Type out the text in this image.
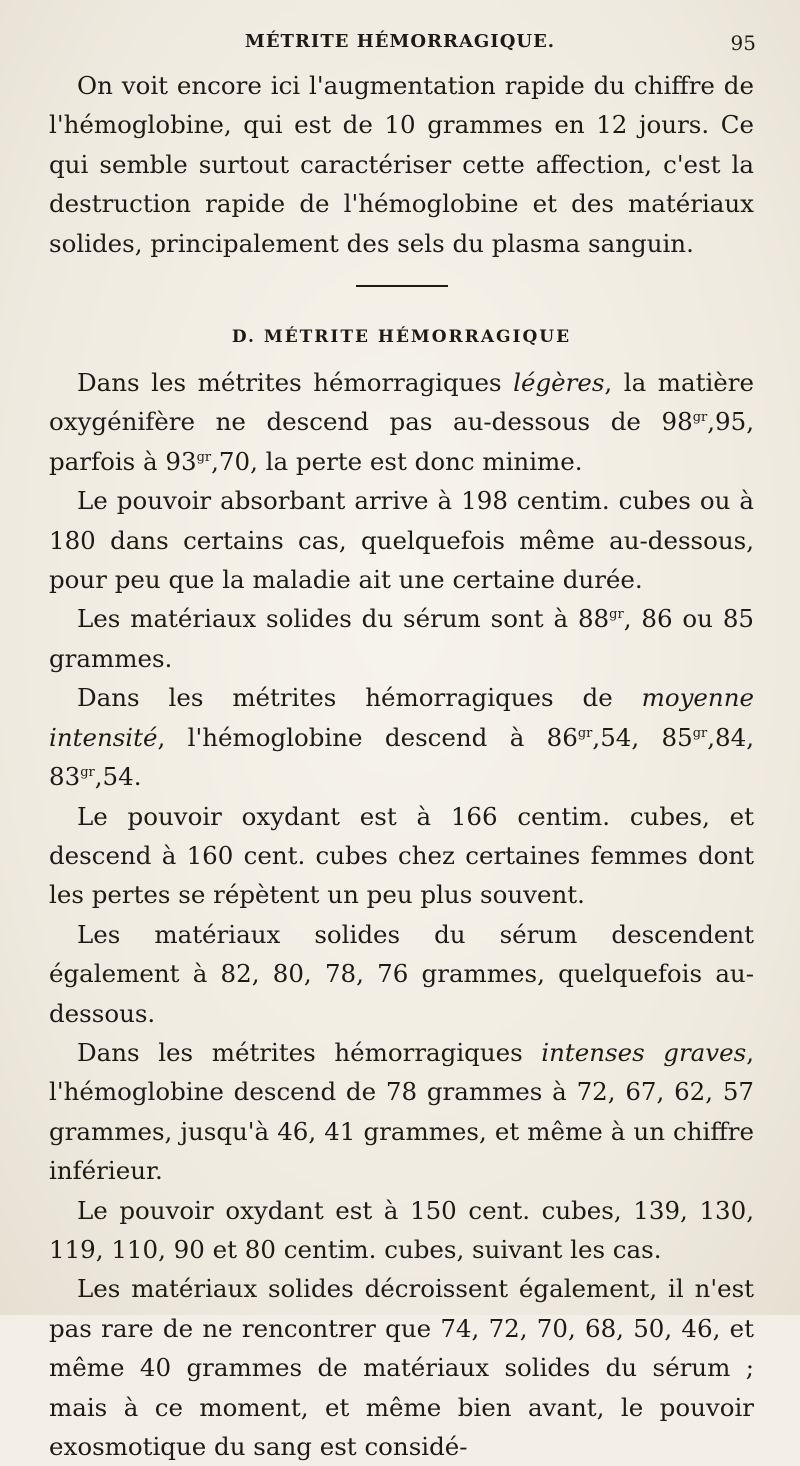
MÉTRITE HÉMORRAGIQUE.	95

On voit encore ici l'augmentation rapide du chiffre de l'hémoglobine, qui est de 10 grammes en 12 jours. Ce qui semble surtout caractériser cette affection, c'est la destruction rapide de l'hémoglobine et des matériaux solides, principalement des sels du plasma sanguin.

D. MÉTRITE HÉMORRAGIQUE

Dans les métrites hémorragiques légères, la matière oxygénifère ne descend pas au-dessous de $98^{gr},95$, parfois à $93^{gr},70$, la perte est donc minime.

Le pouvoir absorbant arrive à 198 centim. cubes ou à 180 dans certains cas, quelquefois même au-dessous, pour peu que la maladie ait une certaine durée.

Les matériaux solides du sérum sont à $88^{gr}$, 86 ou 85 grammes.

Dans les métrites hémorragiques de moyenne intensité, l'hémoglobine descend à $86^{gr},54$, $85^{gr},84$, $83^{gr},54$.

Le pouvoir oxydant est à 166 centim. cubes, et descend à 160 cent. cubes chez certaines femmes dont les pertes se répètent un peu plus souvent.

Les matériaux solides du sérum descendent également à 82, 80, 78, 76 grammes, quelquefois au-dessous.

Dans les métrites hémorragiques intenses graves, l'hémoglobine descend de 78 grammes à 72, 67, 62, 57 grammes, jusqu'à 46, 41 grammes, et même à un chiffre inférieur.

Le pouvoir oxydant est à 150 cent. cubes, 139, 130, 119, 110, 90 et 80 centim. cubes, suivant les cas.

Les matériaux solides décroissent également, il n'est pas rare de ne rencontrer que 74, 72, 70, 68, 50, 46, et même 40 grammes de matériaux solides du sérum ; mais à ce moment, et même bien avant, le pouvoir exosmotique du sang est considé-
